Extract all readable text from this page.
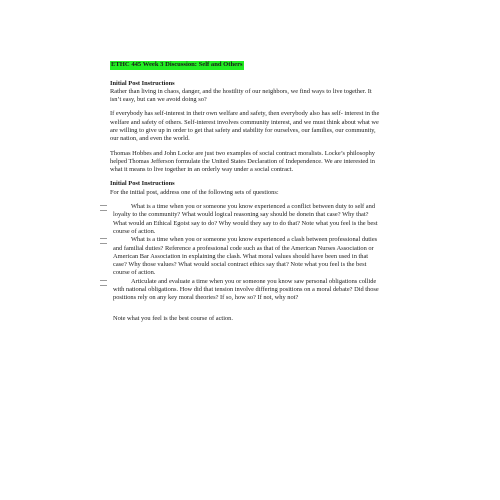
ETHC 445 Week 3 Discussion: Self and Others
Initial Post Instructions

Rather than living in chaos, danger, and the hostility of our neighbors, we find ways to live together. It isn’t easy, but can we avoid doing so?

If everybody has self-interest in their own welfare and safety, then everybody also has self- interest in the welfare and safety of others. Self-interest involves community interest, and we must think about what we are willing to give up in order to get that safety and stability for ourselves, our families, our community, our nation, and even the world.

Thomas Hobbes and John Locke are just two examples of social contract moralists. Locke’s philosophy helped Thomas Jefferson formulate the United States Declaration of Independence. We are interested in what it means to live together in an orderly way under a social contract.

Initial Post Instructions
For the initial post, address one of the following sets of questions:
What is a time when you or someone you know experienced a conflict between duty to self and loyalty to the community? What would logical reasoning say should be donein that case? Why that? What would an Ethical Egoist say to do? Why would they say to do that? Note what you feel is the best course of action.
What is a time when you or someone you know experienced a clash between professional duties and familial duties? Reference a professional code such as that of the American Nurses Association or American Bar Association in explaining the clash. What moral values should have been used in that case? Why those values? What would social contract ethics say that? Note what you feel is the best course of action.
Articulate and evaluate a time when you or someone you know saw personal obligations collide with national obligations. How did that tension involve differing positions on a moral debate? Did those positions rely on any key moral theories? If so, how so? If not, why not?
Note what you feel is the best course of action.
